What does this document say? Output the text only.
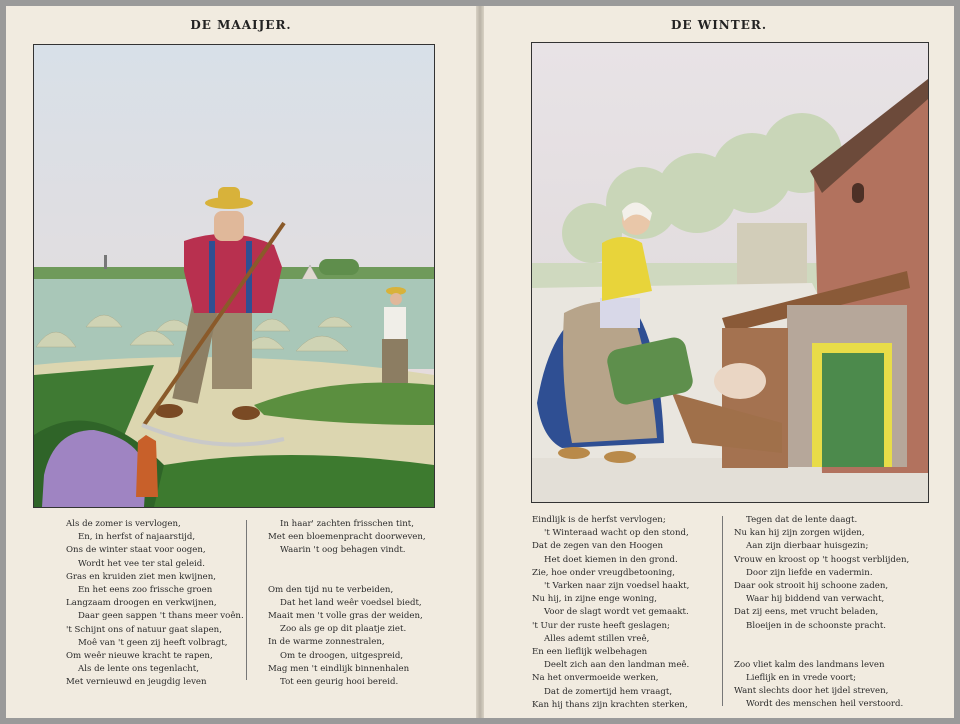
DE MAAIJER.
Als de zomer is vervlogen,
En, in herfst of najaarstijd,
Ons de winter staat voor oogen,
Wordt het vee ter stal geleid.
Gras en kruiden ziet men kwijnen,
En het eens zoo frissche groen
Langzaam droogen en verkwijnen,
Daar geen sappen 't thans meer voên.
't Schijnt ons of natuur gaat slapen,
Moê van 't geen zij heeft volbragt,
Om weêr nieuwe kracht te rapen,
Als de lente ons tegenlacht,
Met vernieuwd en jeugdig leven
In haar' zachten frisschen tint,
Met een bloemenpracht doorweven,
Waarin 't oog behagen vindt.
Om den tijd nu te verbeiden,
Dat het land weêr voedsel biedt,
Maait men 't volle gras der weiden,
Zoo als ge op dit plaatje ziet.
In de warme zonnestralen,
Om te droogen, uitgespreid,
Mag men 't eindlijk binnenhalen
Tot een geurig hooi bereid.
DE WINTER.
Eindlijk is de herfst vervlogen;
't Winteraad wacht op den stond,
Dat de zegen van den Hoogen
Het doet kiemen in den grond.
Zie, hoe onder vreugdbetooning,
't Varken naar zijn voedsel haakt,
Nu hij, in zijne enge woning,
Voor de slagt wordt vet gemaakt.
't Uur der ruste heeft geslagen;
Alles ademt stillen vreê,
En een lieflijk welbehagen
Deelt zich aan den landman meê.
Na het onvermoeide werken,
Dat de zomertijd hem vraagt,
Kan hij thans zijn krachten sterken,
Tegen dat de lente daagt.
Nu kan hij zijn zorgen wijden,
Aan zijn dierbaar huisgezin;
Vrouw en kroost op 't hoogst verblijden,
Door zijn liefde en vadermin.
Daar ook strooit hij schoone zaden,
Waar hij biddend van verwacht,
Dat zij eens, met vrucht beladen,
Bloeijen in de schoonste pracht.
Zoo vliet kalm des landmans leven
Lieflijk en in vrede voort;
Want slechts door het ijdel streven,
Wordt des menschen heil verstoord.
